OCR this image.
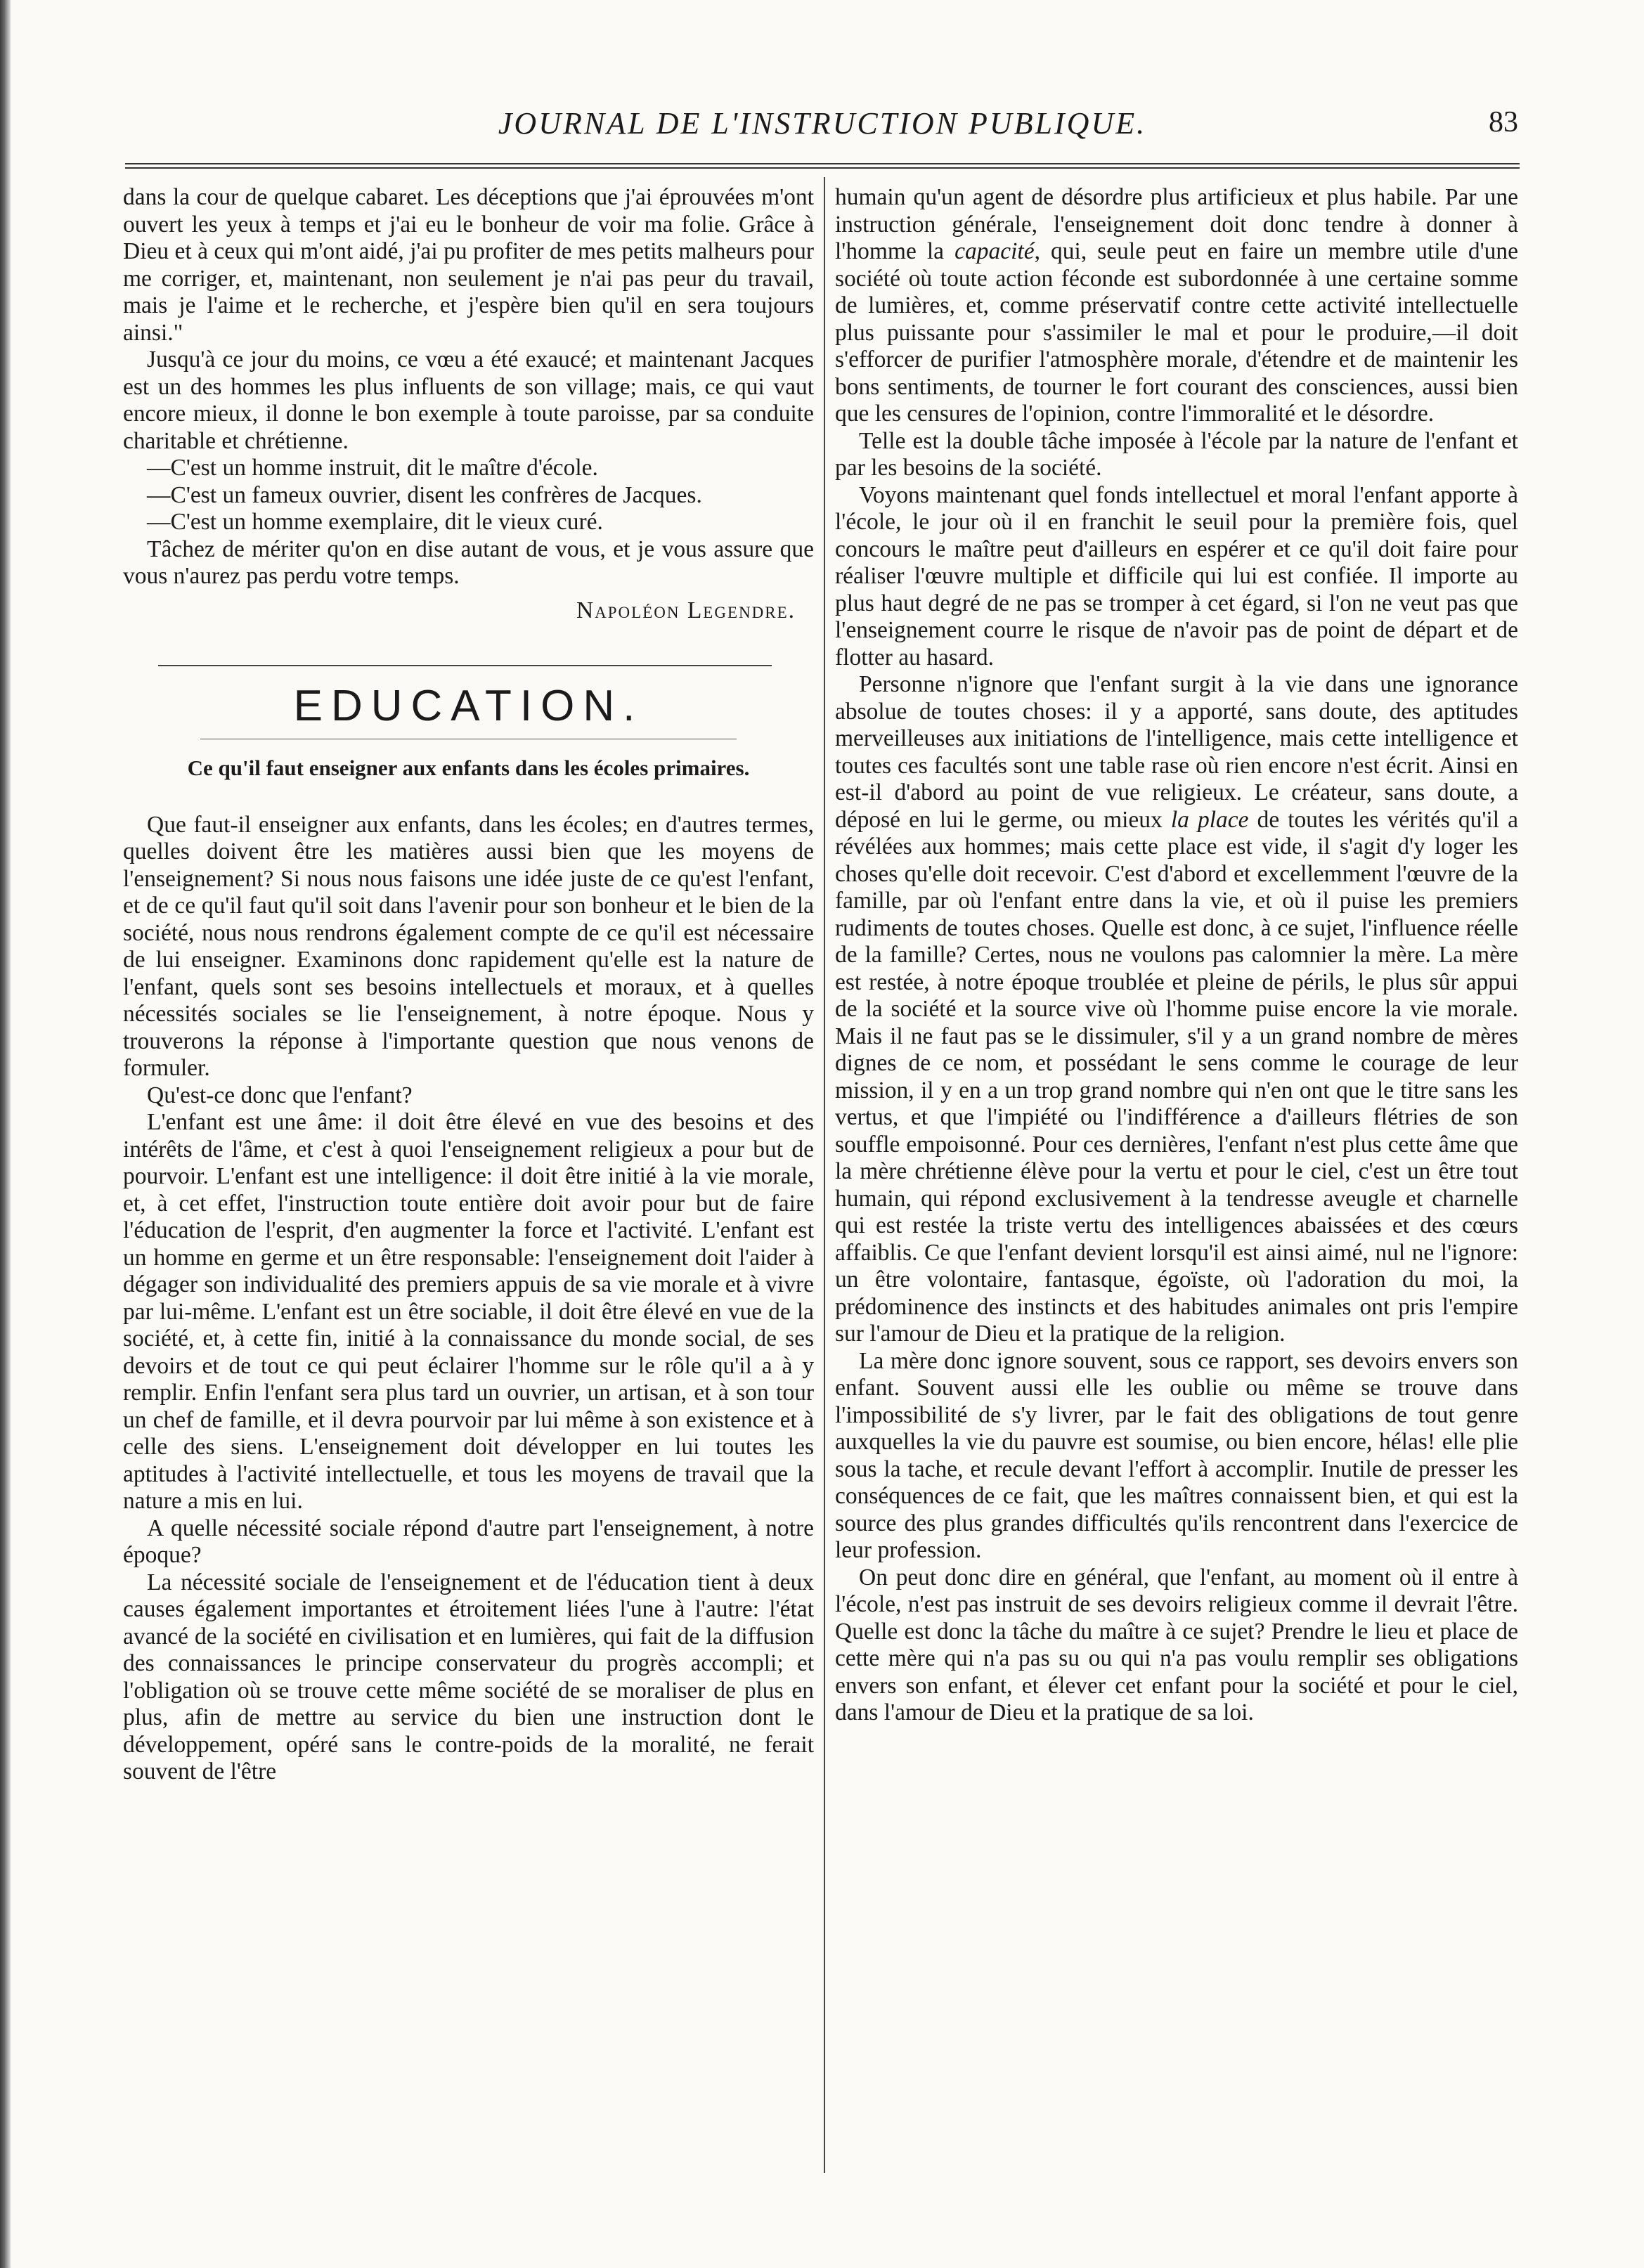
JOURNAL DE L'INSTRUCTION PUBLIQUE.	83

dans la cour de quelque cabaret. Les déceptions que j'ai éprouvées m'ont ouvert les yeux à temps et j'ai eu le bonheur de voir ma folie. Grâce à Dieu et à ceux qui m'ont aidé, j'ai pu profiter de mes petits malheurs pour me corriger, et, maintenant, non seulement je n'ai pas peur du travail, mais je l'aime et le recherche, et j'espère bien qu'il en sera toujours ainsi."

Jusqu'à ce jour du moins, ce vœu a été exaucé; et maintenant Jacques est un des hommes les plus influents de son village; mais, ce qui vaut encore mieux, il donne le bon exemple à toute paroisse, par sa conduite charitable et chrétienne.

—C'est un homme instruit, dit le maître d'école.

—C'est un fameux ouvrier, disent les confrères de Jacques.

—C'est un homme exemplaire, dit le vieux curé.

Tâchez de mériter qu'on en dise autant de vous, et je vous assure que vous n'aurez pas perdu votre temps.

Napoléon Legendre.
EDUCATION.
Ce qu'il faut enseigner aux enfants dans les écoles primaires.

Que faut-il enseigner aux enfants, dans les écoles; en d'autres termes, quelles doivent être les matières aussi bien que les moyens de l'enseignement? Si nous nous faisons une idée juste de ce qu'est l'enfant, et de ce qu'il faut qu'il soit dans l'avenir pour son bonheur et le bien de la société, nous nous rendrons également compte de ce qu'il est nécessaire de lui enseigner. Examinons donc rapidement qu'elle est la nature de l'enfant, quels sont ses besoins intellectuels et moraux, et à quelles nécessités sociales se lie l'enseignement, à notre époque. Nous y trouverons la réponse à l'importante question que nous venons de formuler.

Qu'est-ce donc que l'enfant?

L'enfant est une âme: il doit être élevé en vue des besoins et des intérêts de l'âme, et c'est à quoi l'enseignement religieux a pour but de pourvoir. L'enfant est une intelligence: il doit être initié à la vie morale, et, à cet effet, l'instruction toute entière doit avoir pour but de faire l'éducation de l'esprit, d'en augmenter la force et l'activité. L'enfant est un homme en germe et un être responsable: l'enseignement doit l'aider à dégager son individualité des premiers appuis de sa vie morale et à vivre par lui-même. L'enfant est un être sociable, il doit être élevé en vue de la société, et, à cette fin, initié à la connaissance du monde social, de ses devoirs et de tout ce qui peut éclairer l'homme sur le rôle qu'il a à y remplir. Enfin l'enfant sera plus tard un ouvrier, un artisan, et à son tour un chef de famille, et il devra pourvoir par lui même à son existence et à celle des siens. L'enseignement doit développer en lui toutes les aptitudes à l'activité intellectuelle, et tous les moyens de travail que la nature a mis en lui.

A quelle nécessité sociale répond d'autre part l'enseignement, à notre époque?

La nécessité sociale de l'enseignement et de l'éducation tient à deux causes également importantes et étroitement liées l'une à l'autre: l'état avancé de la société en civilisation et en lumières, qui fait de la diffusion des connaissances le principe conservateur du progrès accompli; et l'obligation où se trouve cette même société de se moraliser de plus en plus, afin de mettre au service du bien une instruction dont le développement, opéré sans le contre-poids de la moralité, ne ferait souvent de l'être

humain qu'un agent de désordre plus artificieux et plus habile. Par une instruction générale, l'enseignement doit donc tendre à donner à l'homme la capacité, qui, seule peut en faire un membre utile d'une société où toute action féconde est subordonnée à une certaine somme de lumières, et, comme préservatif contre cette activité intellectuelle plus puissante pour s'assimiler le mal et pour le produire,—il doit s'efforcer de purifier l'atmosphère morale, d'étendre et de maintenir les bons sentiments, de tourner le fort courant des consciences, aussi bien que les censures de l'opinion, contre l'immoralité et le désordre.

Telle est la double tâche imposée à l'école par la nature de l'enfant et par les besoins de la société.

Voyons maintenant quel fonds intellectuel et moral l'enfant apporte à l'école, le jour où il en franchit le seuil pour la première fois, quel concours le maître peut d'ailleurs en espérer et ce qu'il doit faire pour réaliser l'œuvre multiple et difficile qui lui est confiée. Il importe au plus haut degré de ne pas se tromper à cet égard, si l'on ne veut pas que l'enseignement courre le risque de n'avoir pas de point de départ et de flotter au hasard.

Personne n'ignore que l'enfant surgit à la vie dans une ignorance absolue de toutes choses: il y a apporté, sans doute, des aptitudes merveilleuses aux initiations de l'intelligence, mais cette intelligence et toutes ces facultés sont une table rase où rien encore n'est écrit. Ainsi en est-il d'abord au point de vue religieux. Le créateur, sans doute, a déposé en lui le germe, ou mieux la place de toutes les vérités qu'il a révélées aux hommes; mais cette place est vide, il s'agit d'y loger les choses qu'elle doit recevoir. C'est d'abord et excellemment l'œuvre de la famille, par où l'enfant entre dans la vie, et où il puise les premiers rudiments de toutes choses. Quelle est donc, à ce sujet, l'influence réelle de la famille? Certes, nous ne voulons pas calomnier la mère. La mère est restée, à notre époque troublée et pleine de périls, le plus sûr appui de la société et la source vive où l'homme puise encore la vie morale. Mais il ne faut pas se le dissimuler, s'il y a un grand nombre de mères dignes de ce nom, et possédant le sens comme le courage de leur mission, il y en a un trop grand nombre qui n'en ont que le titre sans les vertus, et que l'impiété ou l'indifférence a d'ailleurs flétries de son souffle empoisonné. Pour ces dernières, l'enfant n'est plus cette âme que la mère chrétienne élève pour la vertu et pour le ciel, c'est un être tout humain, qui répond exclusivement à la tendresse aveugle et charnelle qui est restée la triste vertu des intelligences abaissées et des cœurs affaiblis. Ce que l'enfant devient lorsqu'il est ainsi aimé, nul ne l'ignore: un être volontaire, fantasque, égoïste, où l'adoration du moi, la prédominence des instincts et des habitudes animales ont pris l'empire sur l'amour de Dieu et la pratique de la religion.

La mère donc ignore souvent, sous ce rapport, ses devoirs envers son enfant. Souvent aussi elle les oublie ou même se trouve dans l'impossibilité de s'y livrer, par le fait des obligations de tout genre auxquelles la vie du pauvre est soumise, ou bien encore, hélas! elle plie sous la tache, et recule devant l'effort à accomplir. Inutile de presser les conséquences de ce fait, que les maîtres connaissent bien, et qui est la source des plus grandes difficultés qu'ils rencontrent dans l'exercice de leur profession.

On peut donc dire en général, que l'enfant, au moment où il entre à l'école, n'est pas instruit de ses devoirs religieux comme il devrait l'être. Quelle est donc la tâche du maître à ce sujet? Prendre le lieu et place de cette mère qui n'a pas su ou qui n'a pas voulu remplir ses obligations envers son enfant, et élever cet enfant pour la société et pour le ciel, dans l'amour de Dieu et la pratique de sa loi.
